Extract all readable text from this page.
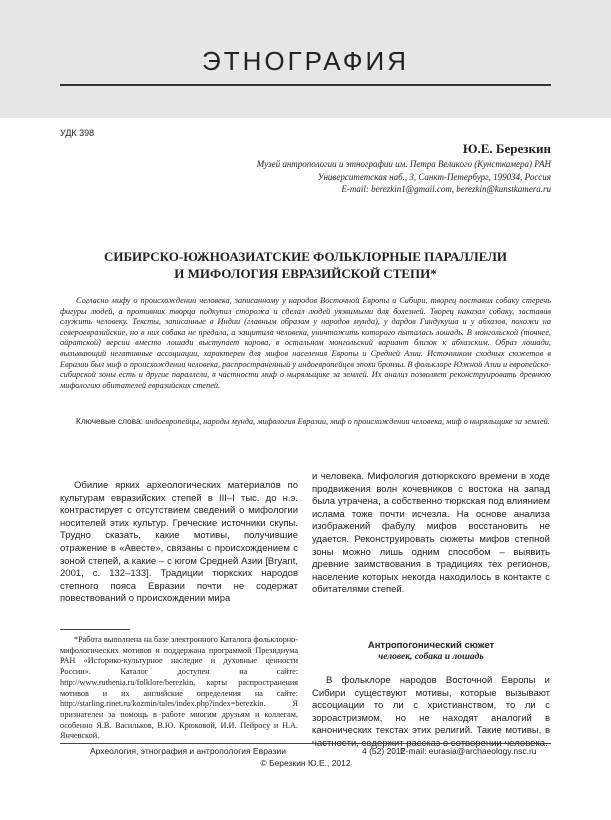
ЭТНОГРАФИЯ
УДК 398
Ю.Е. Березкин
Музей антропологии и этнографии им. Петра Великого (Кунсткамера) РАН
Университетская наб., 3, Санкт-Петербург, 199034, Россия
E-mail: berezkin1@gmail.com, berezkin@kunstkamera.ru
СИБИРСКО-ЮЖНОАЗИАТСКИЕ ФОЛЬКЛОРНЫЕ ПАРАЛЛЕЛИ
И МИФОЛОГИЯ ЕВРАЗИЙСКОЙ СТЕПИ*
Согласно мифу о происхождении человека, записанному у народов Восточной Европы и Сибири, творец поставил собаку стеречь фигуры людей, а противник творца подкупил сторожа и сделал людей уязвимыми для болезней. Творец наказал собаку, заставив служить человеку. Тексты, записанные в Индии (главным образом у народов мунда), у дардов Гиндукуша и у абхазов, похожи на североевразийские, но в них собака не предала, а защитила человека, уничтожить которого пыталась лошадь. В монгольской (точнее, ойратской) версии вместо лошади выступает корова, в остальном монгольский вариант близок к абхазским. Образ лошади, вызывающий негативные ассоциации, характерен для мифов населения Европы и Средней Азии. Источником сходных сюжетов в Евразии был миф о происхождении человека, распространенный у индоевропейцев эпохи бронзы. В фольклоре Южной Азии и европейско-сибирской зоны есть и другие параллели, в частности миф о ныряльщике за землей. Их анализ позволяет реконструировать древнюю мифологию обитателей евразийских степей.
Ключевые слова: индоевропейцы, народы мунда, мифология Евразии, миф о происхождении человека, миф о ныряльщике за землей.
Обилие ярких археологических материалов по культурам евразийских степей в III–I тыс. до н.э. контрастирует с отсутствием сведений о мифологии носителей этих культур. Греческие источники скупы. Трудно сказать, какие мотивы, получившие отражение в «Авесте», связаны с происхождением с зоной степей, а какие – с югом Средней Азии [Bryant, 2001, с. 132–133]. Традиции тюркских народов степного пояса Евразии почти не содержат повествований о происхождении мира
и человека. Мифология дотюркского времени в ходе продвижения волн кочевников с востока на запад была утрачена, а собственно тюркская под влиянием ислама тоже почти исчезла. На основе анализа изображений фабулу мифов восстановить не удается. Реконструировать сюжеты мифов степной зоны можно лишь одним способом – выявить древние заимствования в традициях тех регионов, население которых некогда находилось в контакте с обитателями степей.
*Работа выполнена на базе электронного Каталога фольклорно-мифологических мотивов и поддержана программой Президиума РАН «Историко-культурное наследие и духовные ценности России». Каталог доступен на сайте: http://www.ruthenia.ru/folklore/berezkin, карты распространения мотивов и их английские определения на сайте: http://starling.rinet.ru/kozmin/tales/index.php?index=berezkin. Я признателен за помощь в работе многим друзьям и коллегам, особенно Я.В. Васильков, В.Ю. Крюковой, И.И. Пейросу и Н.А. Янчевской.
Антропогонический сюжет
человек, собака и лошадь
В фольклоре народов Восточной Европы и Сибири существуют мотивы, которые вызывают ассоциации то ли с христианством, то ли с зороастризмом, но не находят аналогий в канонических текстах этих религий. Такие мотивы, в
Археология, этнография и антропология Евразии	4 (52) 2012
E-mail: eurasia@archaeology.nsc.ru
© Березкин Ю.Е., 2012
